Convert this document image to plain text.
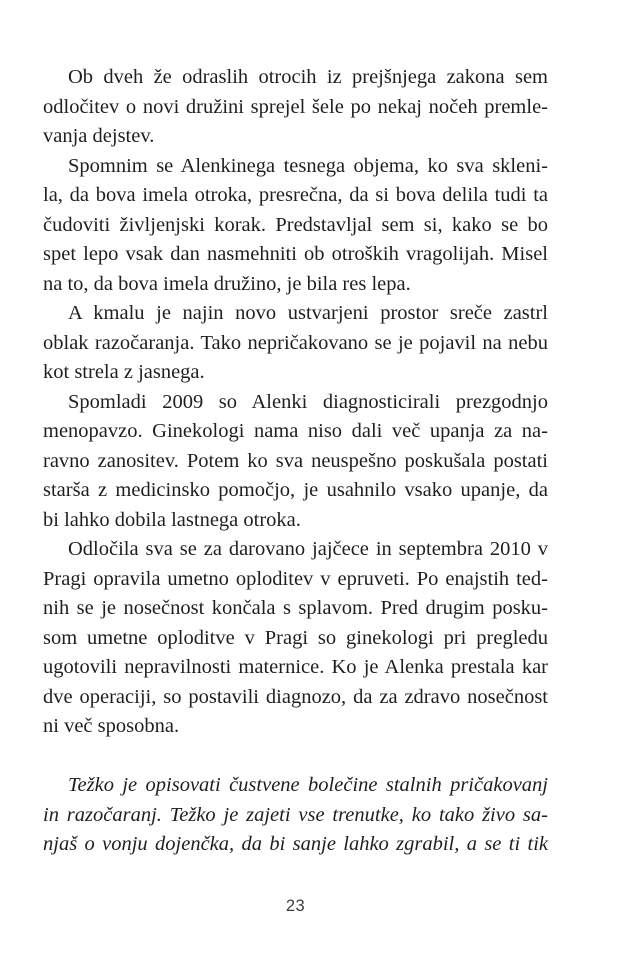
Ob dveh že odraslih otrocih iz prejšnjega zakona sem
odločitev o novi družini sprejel šele po nekaj nočeh premle-
vanja dejstev.
Spomnim se Alenkinega tesnega objema, ko sva skleni-
la, da bova imela otroka, presrečna, da si bova delila tudi ta
čudoviti življenjski korak. Predstavljal sem si, kako se bo
spet lepo vsak dan nasmehniti ob otroških vragolijah. Misel
na to, da bova imela družino, je bila res lepa.
A kmalu je najin novo ustvarjeni prostor sreče zastrl
oblak razočaranja. Tako nepričakovano se je pojavil na nebu
kot strela z jasnega.
Spomladi 2009 so Alenki diagnosticirali prezgodnjo
menopavzo. Ginekologi nama niso dali več upanja za na-
ravno zanositev. Potem ko sva neuspešno poskušala postati
starša z medicinsko pomočjo, je usahnilo vsako upanje, da
bi lahko dobila lastnega otroka.
Odločila sva se za darovano jajčece in septembra 2010 v
Pragi opravila umetno oploditev v epruveti. Po enajstih ted-
nih se je nosečnost končala s splavom. Pred drugim posku-
som umetne oploditve v Pragi so ginekologi pri pregledu
ugotovili nepravilnosti maternice. Ko je Alenka prestala kar
dve operaciji, so postavili diagnozo, da za zdravo nosečnost
ni več sposobna.
Težko je opisovati čustvene bolečine stalnih pričakovanj
in razočaranj. Težko je zajeti vse trenutke, ko tako živo sa-
njaš o vonju dojenčka, da bi sanje lahko zgrabil, a se ti tik
23
